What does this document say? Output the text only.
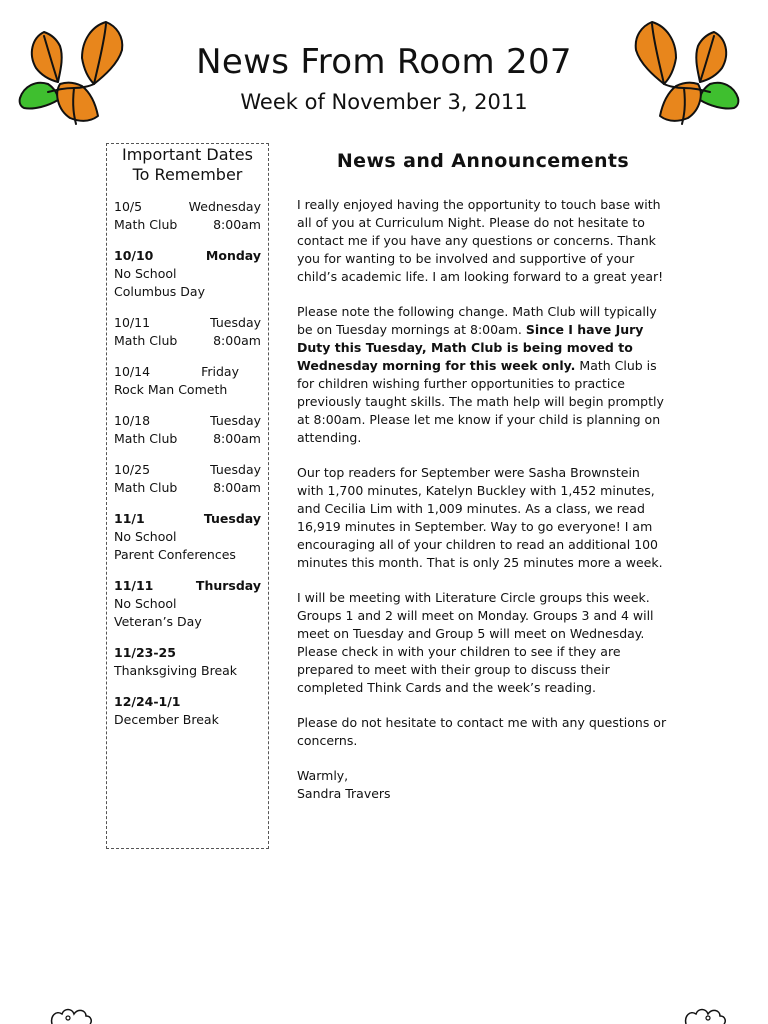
News From Room 207
Week of November 3, 2011
Important Dates
To Remember
10/5	Wednesday
Math Club	8:00am
10/10	Monday
No School
Columbus Day
10/11	Tuesday
Math Club	8:00am
10/14	Friday
Rock Man Cometh
10/18	Tuesday
Math Club	8:00am
10/25	Tuesday
Math Club	8:00am
11/1	Tuesday
No School
Parent Conferences
11/11	Thursday
No School
Veteran’s Day
11/23-25
Thanksgiving Break
12/24-1/1
December Break
News and Announcements

I really enjoyed having the opportunity to touch base with all of you at Curriculum Night. Please do not hesitate to contact me if you have any questions or concerns. Thank you for wanting to be involved and supportive of your child’s academic life. I am looking forward to a great year!

Please note the following change. Math Club will typically be on Tuesday mornings at 8:00am. Since I have Jury Duty this Tuesday, Math Club is being moved to Wednesday morning for this week only. Math Club is for children wishing further opportunities to practice previously taught skills. The math help will begin promptly at 8:00am. Please let me know if your child is planning on attending.

Our top readers for September were Sasha Brownstein with 1,700 minutes, Katelyn Buckley with 1,452 minutes, and Cecilia Lim with 1,009 minutes. As a class, we read 16,919 minutes in September. Way to go everyone! I am encouraging all of your children to read an additional 100 minutes this month. That is only 25 minutes more a week.

I will be meeting with Literature Circle groups this week. Groups 1 and 2 will meet on Monday. Groups 3 and 4 will meet on Tuesday and Group 5 will meet on Wednesday. Please check in with your children to see if they are prepared to meet with their group to discuss their completed Think Cards and the week’s reading.

Please do not hesitate to contact me with any questions or concerns.

Warmly,
Sandra Travers
